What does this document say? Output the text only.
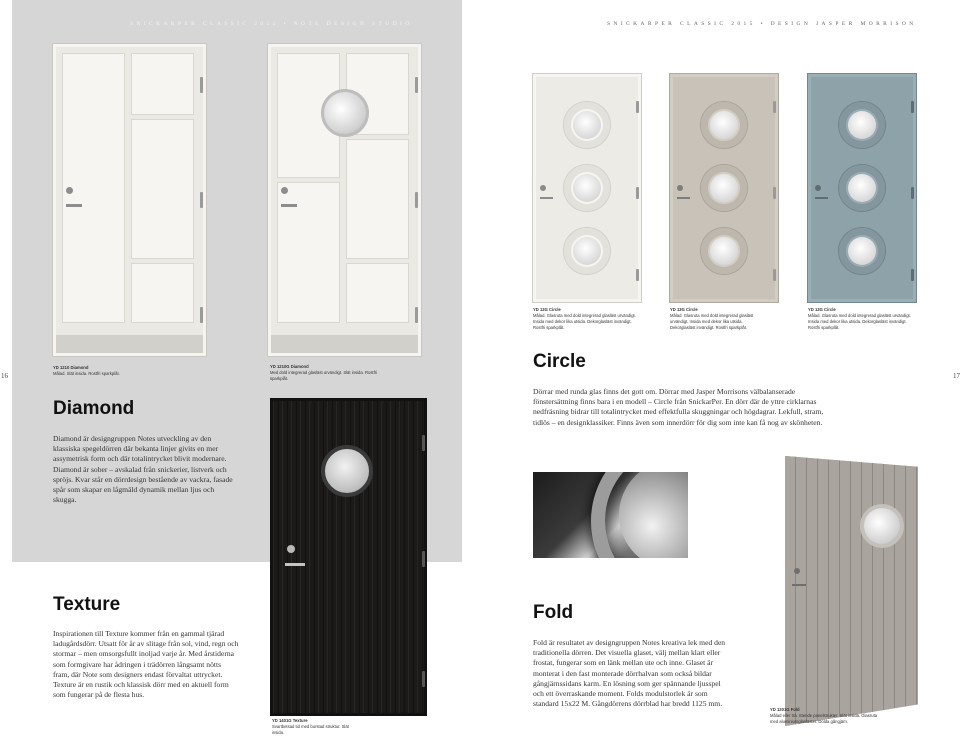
SNICKARPER CLASSIC 2015 • NOTE DESIGN STUDIO	SNICKARPER CLASSIC 2015 • DESIGN JASPER MORRISON
16	17
YD 1210 Diamond
Målad. Slät insida. Rostfri sparkplåt.
YD 1210G Diamond
Med dold integrerad glasläst urvändigt. Slät insida. Rostfri sparkplåt.
Diamond
Diamond är designgruppen Notes utveckling av den klassiska spegeldörren där bekanta linjer givits en mer assymetrisk form och där totalintrycket blivit modernare. Diamond är sober – avskalad från snickerier, listverk och spröjs. Kvar står en dörrdesign bestående av vackra, fasade spår som skapar en lågmäld dynamik mellan ljus och skugga.
YD 1401G Texture
Svartbetsad tid med burstad struktur. Slät insida.
Texture
Inspirationen till Texture kommer från en gammal tjärad ladugårdsdörr. Utsatt för år av slitage från sol, vind, regn och stormar – men omsorgsfullt inoljad varje år. Med årstiderna som formgivare har ådringen i trädörren långsamt nötts fram, där Note som designers endast förvaltat uttrycket. Texture är en rustik och klassisk dörr med en aktuell form som fungerar på de flesta hus.
YD 13G Circle
Målad. Glasruta med dold integrerad glasläst urvändigt. Insida med dekor lika utsida. Dekorglasläst invändigt. Rostfri sparkplåt.
YD 13G Circle
Målad. Glasruta med dold integrerad glasläst urvändigt. Insida med dekor lika utsida. Dekorglasläst invändigt. Rostfri sparkplåt.
YD 13G Circle
Målad. Glasruta med dold integrerad glasläst urvändigt. Insida med dekor lika utsida. Dekorglasläst invändigt. Rostfri sparkplåt.
Circle
Dörrar med runda glas finns det gott om. Dörrar med Jasper Morrisons välbalanserade fönstersättning finns bara i en modell – Circle från SnickarPer. En dörr där de yttre cirklarnas nedfräsning bidrar till totalintrycket med effektfulla skuggningar och högdagrar. Lekfull, stram, tidlös – en designklassiker. Finns även som innerdörr för dig som inte kan få nog av skönheten.
YD 1201G Fold
Målad eller trä. Stende panelstrukter. Slät insida. Glasruta med aluminiumglasläster. Dolda gångjärn.
Fold
Fold är resultatet av designgruppen Notes kreativa lek med den traditionella dörren. Det visuella glaset, välj mellan klart eller frostat, fungerar som en länk mellan ute och inne. Glaset är monterat i den fast monterade dörrhalvan som också bildar gångjärnssidans karm. En lösning som ger spännande ljusspel och ett överraskande moment. Folds modulstorlek är som standard 15x22 M. Gångdörrens dörrblad har bredd 1125 mm.
